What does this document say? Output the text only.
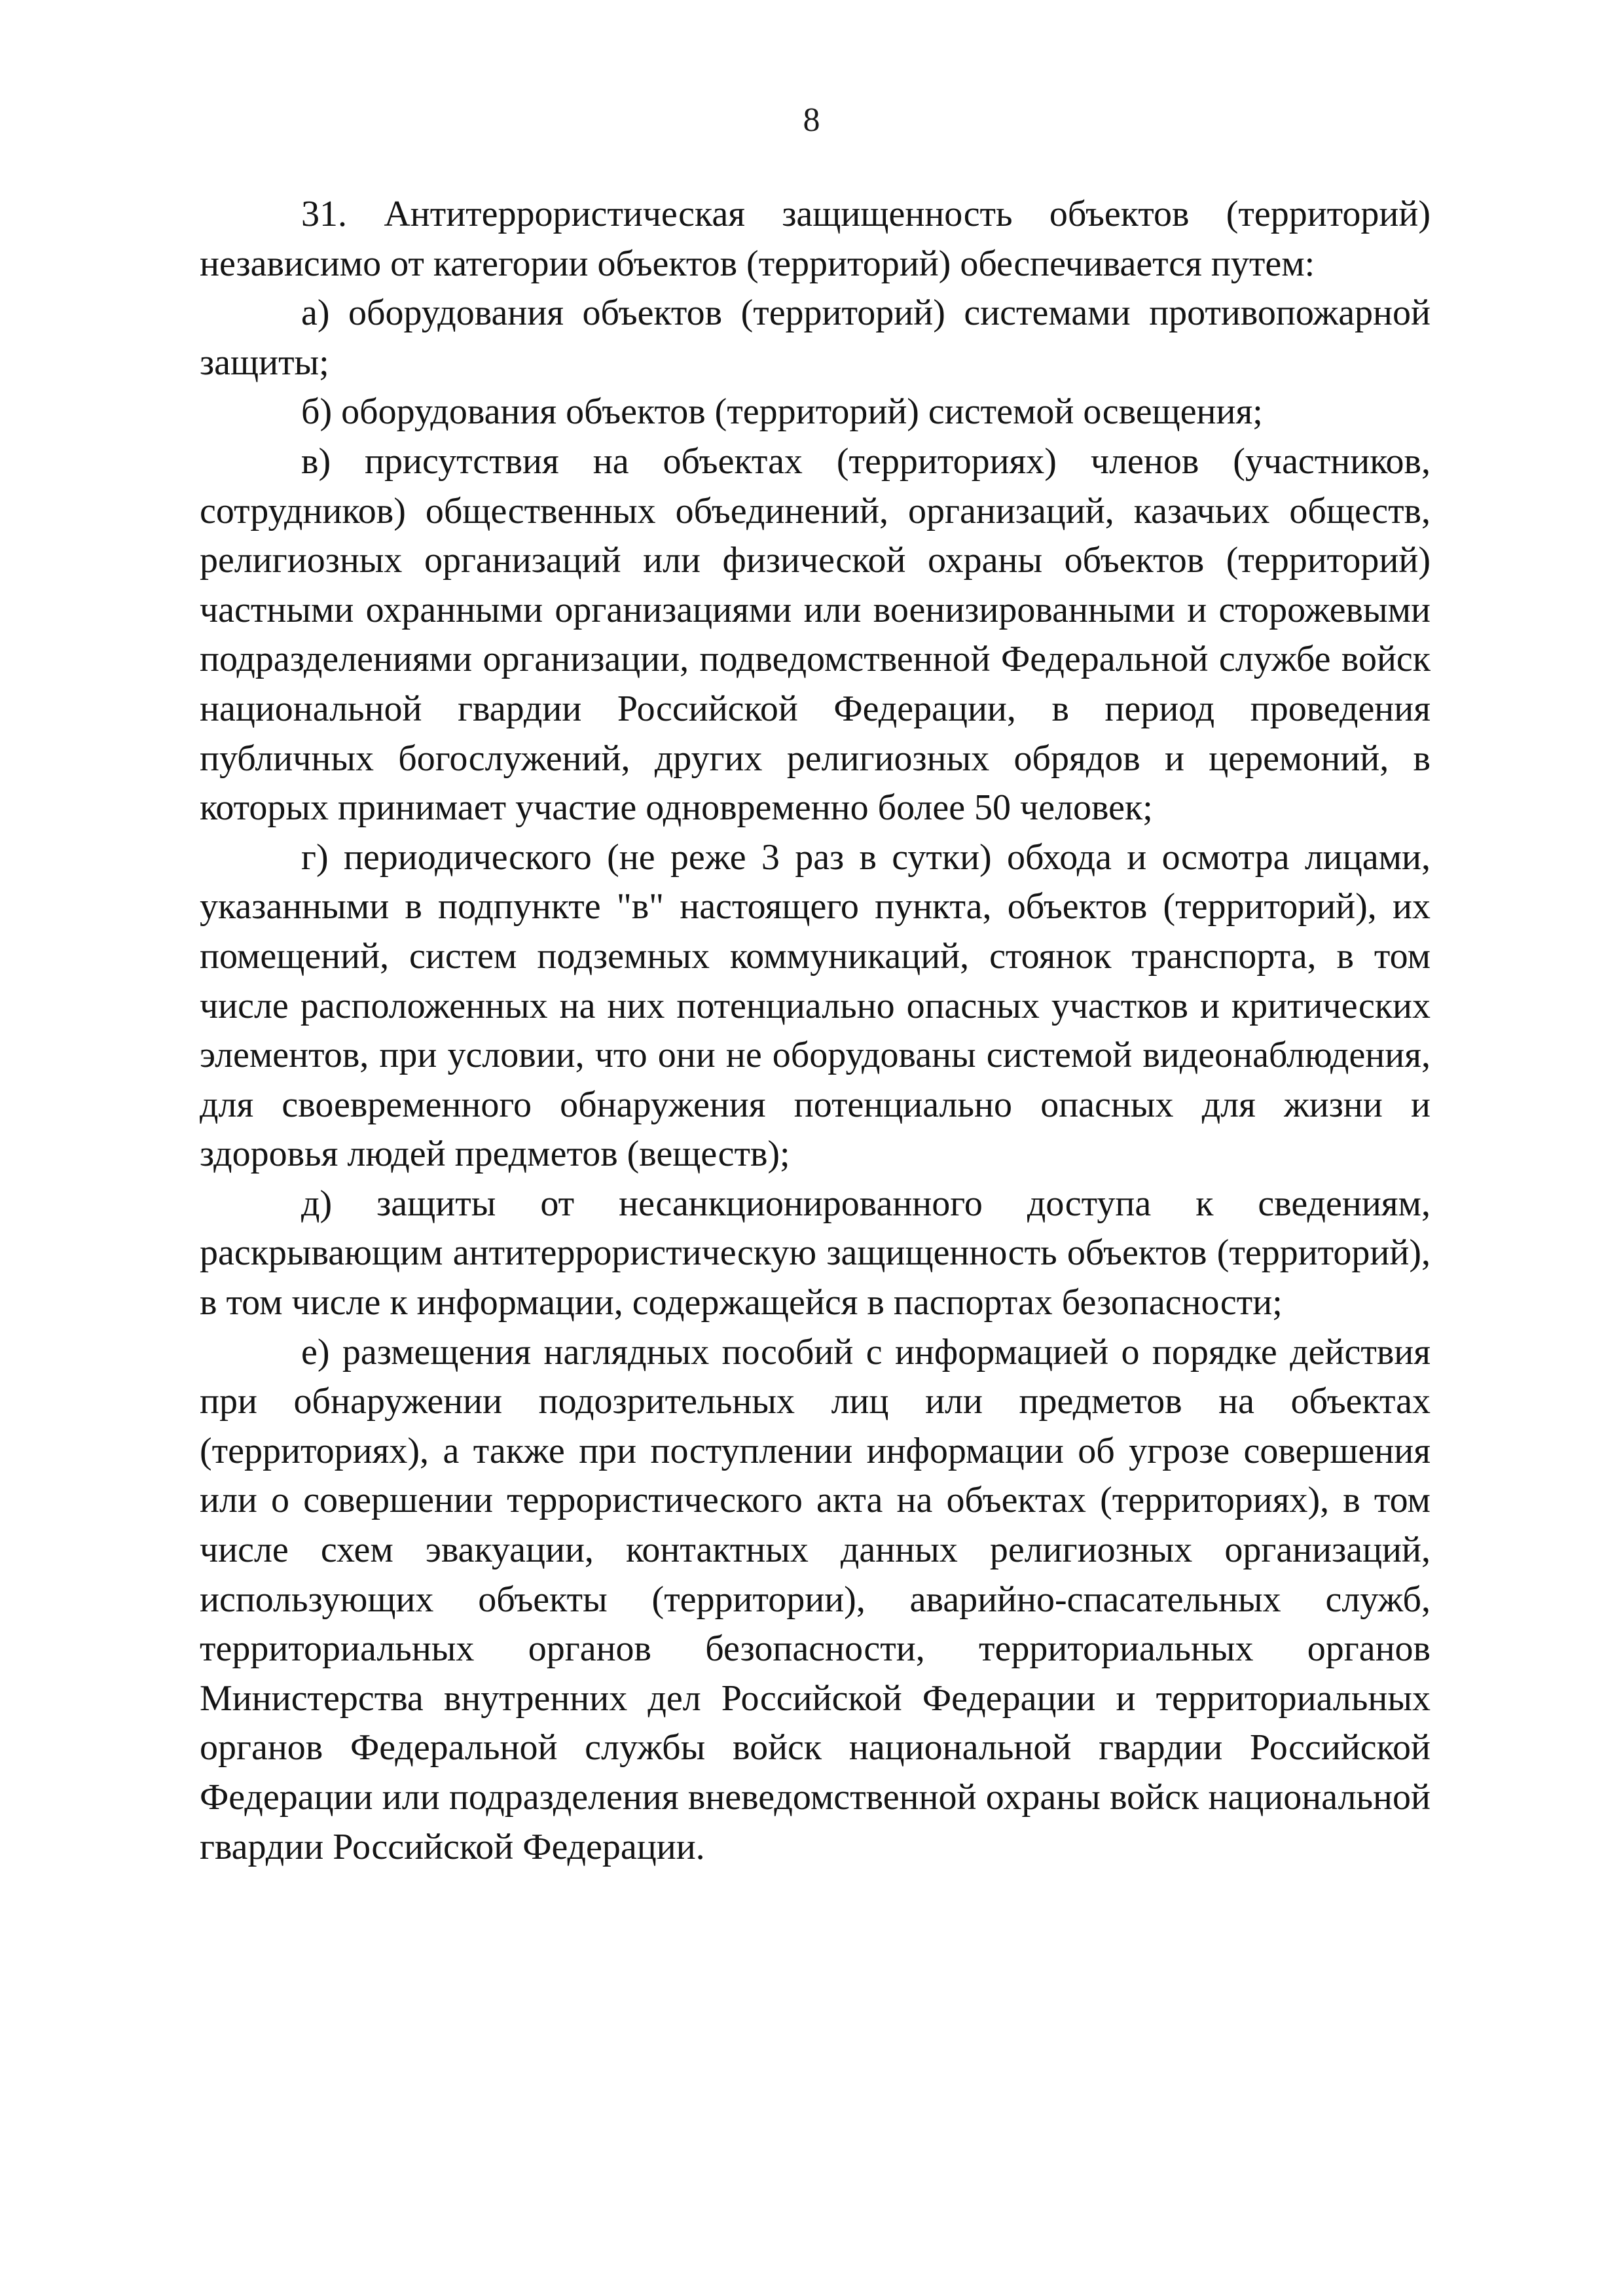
8

31. Антитеррористическая защищенность объектов (территорий) независимо от категории объектов (территорий) обеспечивается путем:

а) оборудования объектов (территорий) системами противопожарной защиты;

б) оборудования объектов (территорий) системой освещения;

в) присутствия на объектах (территориях) членов (участников, сотрудников) общественных объединений, организаций, казачьих обществ, религиозных организаций или физической охраны объектов (территорий) частными охранными организациями или военизированными и сторожевыми подразделениями организации, подведомственной Федеральной службе войск национальной гвардии Российской Федерации, в период проведения публичных богослужений, других религиозных обрядов и церемоний, в которых принимает участие одновременно более 50 человек;

г) периодического (не реже 3 раз в сутки) обхода и осмотра лицами, указанными в подпункте "в" настоящего пункта, объектов (территорий), их помещений, систем подземных коммуникаций, стоянок транспорта, в том числе расположенных на них потенциально опасных участков и критических элементов, при условии, что они не оборудованы системой видеонаблюдения, для своевременного обнаружения потенциально опасных для жизни и здоровья людей предметов (веществ);

д) защиты от несанкционированного доступа к сведениям, раскрывающим антитеррористическую защищенность объектов (территорий), в том числе к информации, содержащейся в паспортах безопасности;

е) размещения наглядных пособий с информацией о порядке действия при обнаружении подозрительных лиц или предметов на объектах (территориях), а также при поступлении информации об угрозе совершения или о совершении террористического акта на объектах (территориях), в том числе схем эвакуации, контактных данных религиозных организаций, использующих объекты (территории), аварийно-спасательных служб, территориальных органов безопасности, территориальных органов Министерства внутренних дел Российской Федерации и территориальных органов Федеральной службы войск национальной гвардии Российской Федерации или подразделения вневедомственной охраны войск национальной гвардии Российской Федерации.
